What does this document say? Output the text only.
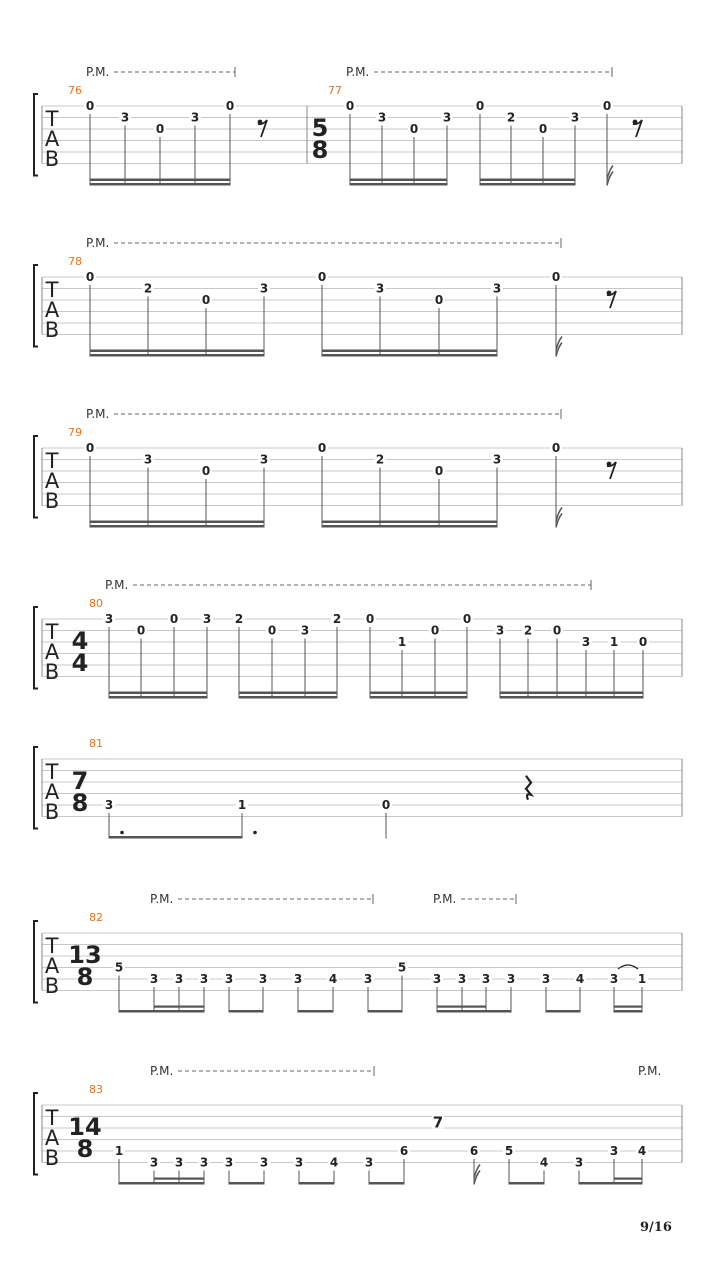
T
A
B
P.M.	P.M.
76
0
3
0
3
0
77
5
8
0
3
0
3
0
2
0
3
0
T
A
B
P.M.
78
0
2
0
3
0
3
0
3
0
T
A
B
P.M.
79
0
3
0
3
0
2
0
3
0
T
A
B
P.M.
80
4
4
3
0
0 3 2
0 3
2 0
1
0
0
3 2 0
3 1 0
T
A
B
81
7
8 3	1	0
T
A
B
P.M.	P.M.
82
13
8 5
3 3 3 3 3 3 4 3
5
3 3 3 3 3 4 3 1
T
A
B
P.M.	P.M.
83
14
8 1
3 3 3 3 3 3 4 3
6	6 5
4 3
3 4
7
9/16
